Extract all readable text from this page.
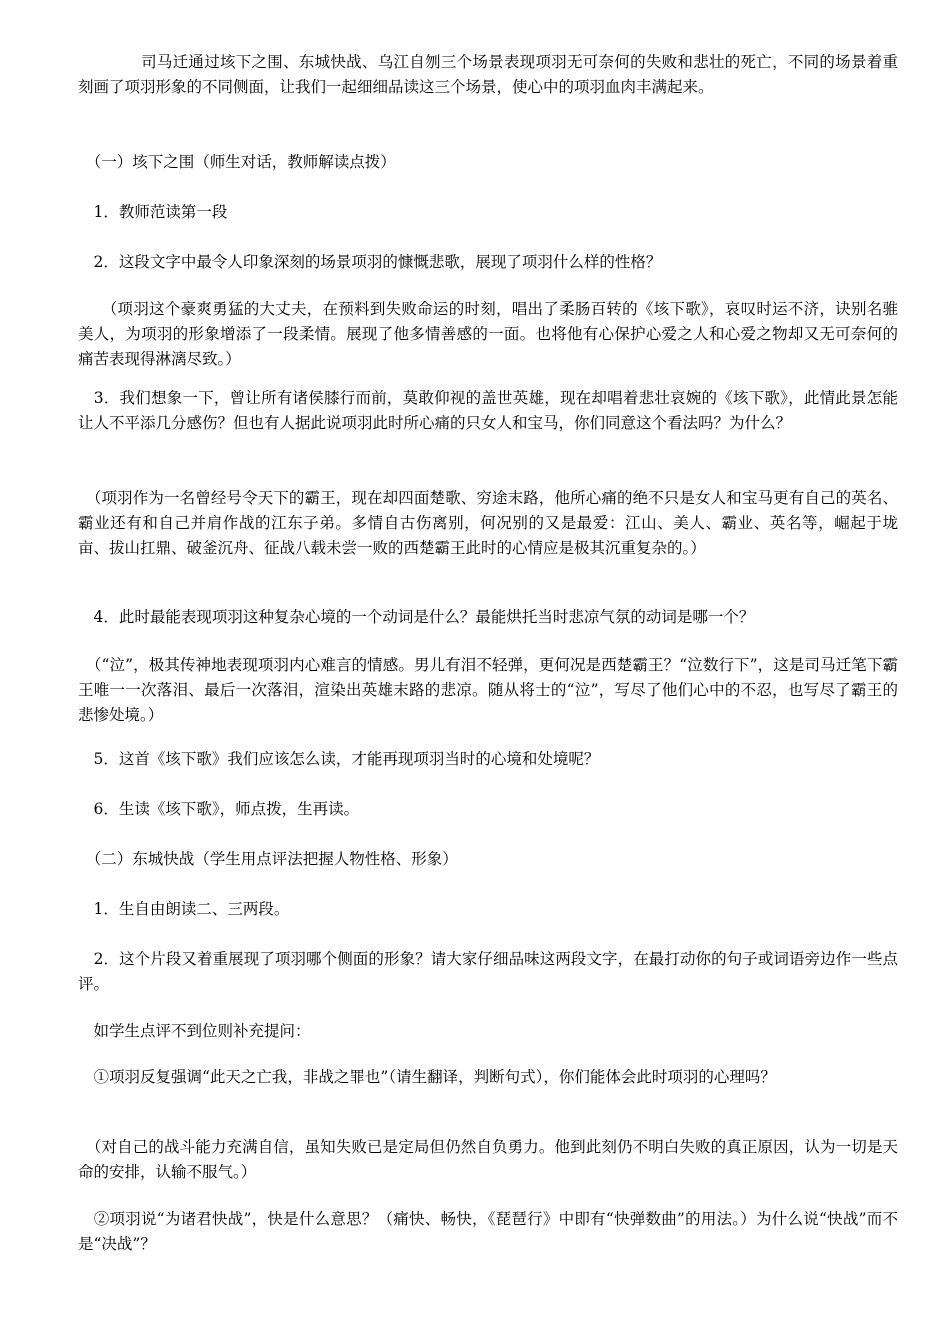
　　　　司马迁通过垓下之围、东城快战、乌江自刎三个场景表现项羽无可奈何的失败和悲壮的死亡，不同的场景着重刻画了项羽形象的不同侧面，让我们一起细细品读这三个场景，使心中的项羽血肉丰满起来。

　（一）垓下之围（师生对话，教师解读点拨）

　1．教师范读第一段

　2．这段文字中最令人印象深刻的场景项羽的慷慨悲歌，展现了项羽什么样的性格？

　　（项羽这个豪爽勇猛的大丈夫，在预料到失败命运的时刻，唱出了柔肠百转的《垓下歌》，哀叹时运不济，诀别名骓美人，为项羽的形象增添了一段柔情。展现了他多情善感的一面。也将他有心保护心爱之人和心爱之物却又无可奈何的痛苦表现得淋漓尽致。）

　3．我们想象一下，曾让所有诸侯膝行而前，莫敢仰视的盖世英雄，现在却唱着悲壮哀婉的《垓下歌》，此情此景怎能让人不平添几分感伤？但也有人据此说项羽此时所心痛的只女人和宝马，你们同意这个看法吗？为什么？

　（项羽作为一名曾经号令天下的霸王，现在却四面楚歌、穷途末路，他所心痛的绝不只是女人和宝马更有自己的英名、霸业还有和自己并肩作战的江东子弟。多情自古伤离别，何况别的又是最爱：江山、美人、霸业、英名等，崛起于垅亩、拔山扛鼎、破釜沉舟、征战八载未尝一败的西楚霸王此时的心情应是极其沉重复杂的。）

　4．此时最能表现项羽这种复杂心境的一个动词是什么？最能烘托当时悲凉气氛的动词是哪一个？

　（“泣”，极其传神地表现项羽内心难言的情感。男儿有泪不轻弹，更何况是西楚霸王？“泣数行下”，这是司马迁笔下霸王唯一一次落泪、最后一次落泪，渲染出英雄末路的悲凉。随从将士的“泣”，写尽了他们心中的不忍，也写尽了霸王的悲惨处境。）

　5．这首《垓下歌》我们应该怎么读，才能再现项羽当时的心境和处境呢？

　6．生读《垓下歌》，师点拨，生再读。

　（二）东城快战（学生用点评法把握人物性格、形象）

　1．生自由朗读二、三两段。

　2．这个片段又着重展现了项羽哪个侧面的形象？请大家仔细品味这两段文字，在最打动你的句子或词语旁边作一些点评。

　如学生点评不到位则补充提问：

　①项羽反复强调“此天之亡我，非战之罪也”（请生翻译，判断句式），你们能体会此时项羽的心理吗？

　（对自己的战斗能力充满自信，虽知失败已是定局但仍然自负勇力。他到此刻仍不明白失败的真正原因，认为一切是天命的安排，认输不服气。）

　②项羽说“为诸君快战”，快是什么意思？（痛快、畅快，《琵琶行》中即有“快弹数曲”的用法。）为什么说“快战”而不是“决战”？
